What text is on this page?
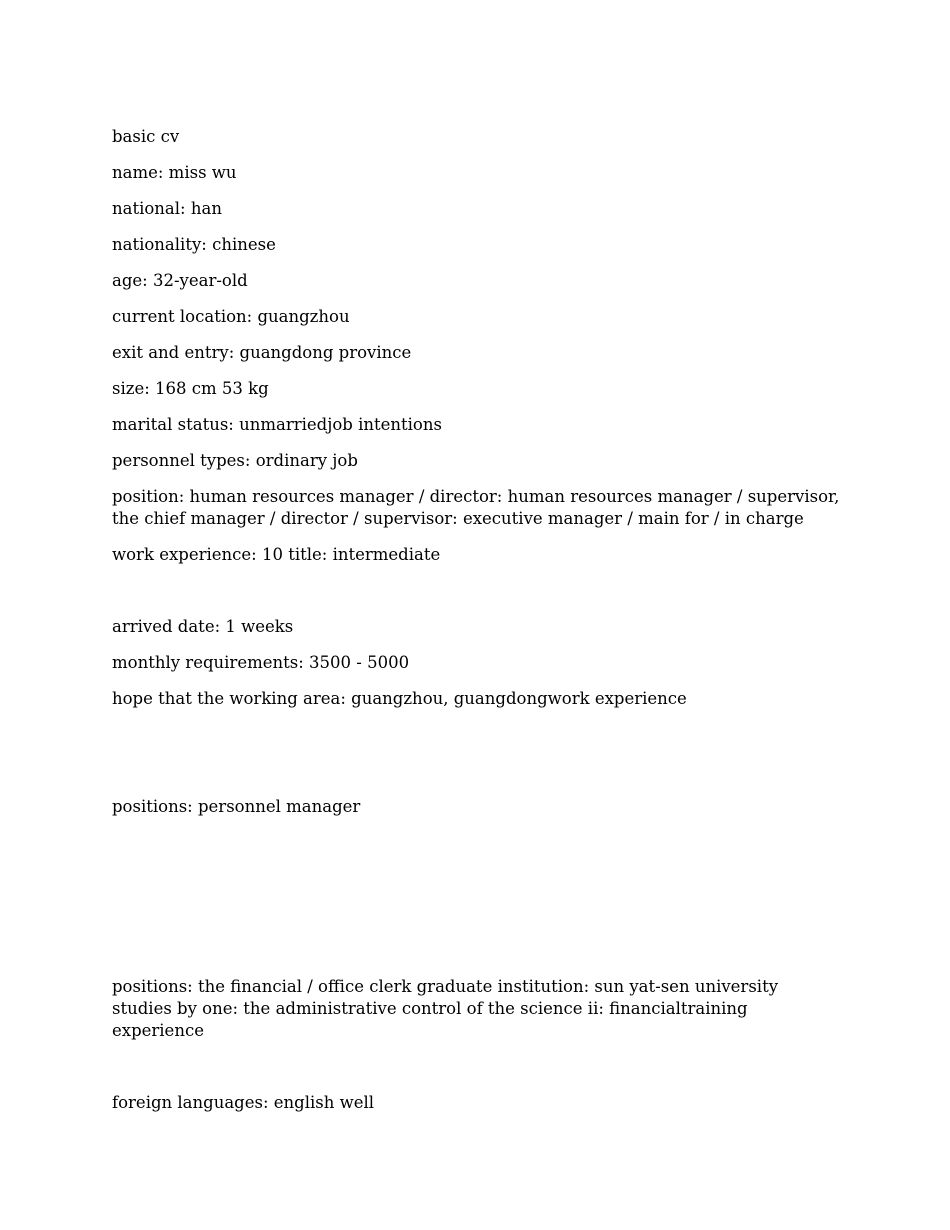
basic cv

name: miss wu

national: han

nationality: chinese

age: 32-year-old

current location: guangzhou

exit and entry: guangdong province

size: 168 cm 53 kg

marital status: unmarriedjob intentions

personnel types: ordinary job

position: human resources manager / director: human resources manager / supervisor, the chief manager / director / supervisor: executive manager / main for / in charge

work experience: 10 title: intermediate

arrived date: 1 weeks

monthly requirements: 3500 - 5000

hope that the working area: guangzhou, guangdongwork experience

positions: personnel manager

positions: the financial / office clerk graduate institution: sun yat-sen university studies by one: the administrative control of the science ii: financialtraining experience

foreign languages: english well
